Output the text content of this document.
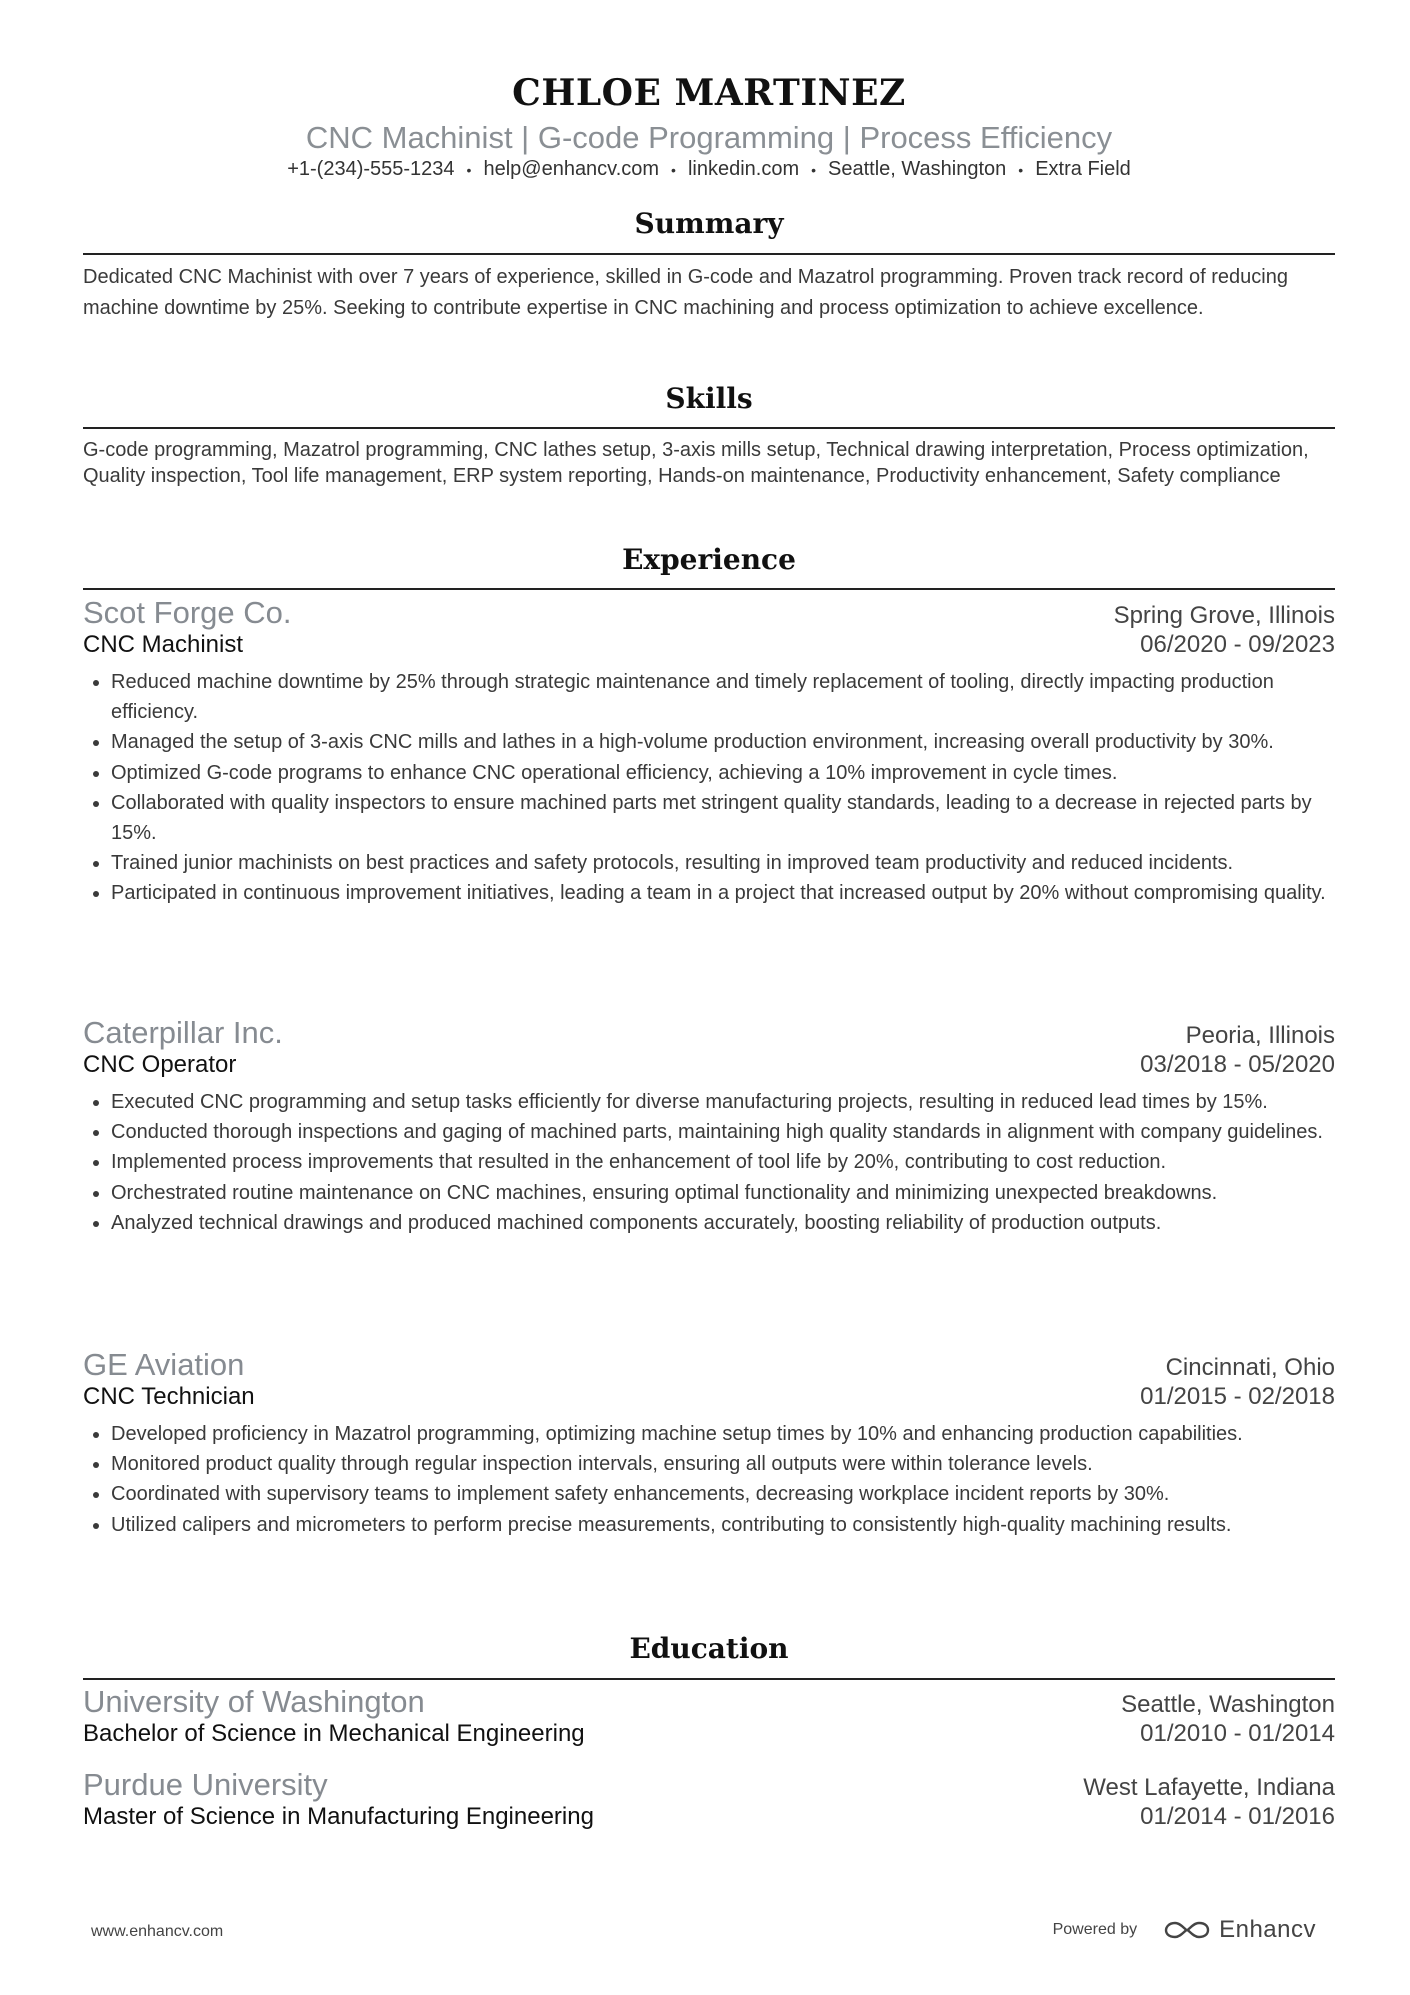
CHLOE MARTINEZ
CNC Machinist | G-code Programming | Process Efficiency
+1-(234)-555-1234 • help@enhancv.com • linkedin.com • Seattle, Washington • Extra Field
Summary

Dedicated CNC Machinist with over 7 years of experience, skilled in G-code and Mazatrol programming. Proven track record of reducing machine downtime by 25%. Seeking to contribute expertise in CNC machining and process optimization to achieve excellence.

Skills

G-code programming, Mazatrol programming, CNC lathes setup, 3-axis mills setup, Technical drawing interpretation, Process optimization, Quality inspection, Tool life management, ERP system reporting, Hands-on maintenance, Productivity enhancement, Safety compliance

Experience
Scot Forge Co.	Spring Grove, Illinois
CNC Machinist	06/2020 - 09/2023
Reduced machine downtime by 25% through strategic maintenance and timely replacement of tooling, directly impacting production efficiency.
Managed the setup of 3-axis CNC mills and lathes in a high-volume production environment, increasing overall productivity by 30%.
Optimized G-code programs to enhance CNC operational efficiency, achieving a 10% improvement in cycle times.
Collaborated with quality inspectors to ensure machined parts met stringent quality standards, leading to a decrease in rejected parts by 15%.
Trained junior machinists on best practices and safety protocols, resulting in improved team productivity and reduced incidents.
Participated in continuous improvement initiatives, leading a team in a project that increased output by 20% without compromising quality.
Caterpillar Inc.	Peoria, Illinois
CNC Operator	03/2018 - 05/2020
Executed CNC programming and setup tasks efficiently for diverse manufacturing projects, resulting in reduced lead times by 15%.
Conducted thorough inspections and gaging of machined parts, maintaining high quality standards in alignment with company guidelines.
Implemented process improvements that resulted in the enhancement of tool life by 20%, contributing to cost reduction.
Orchestrated routine maintenance on CNC machines, ensuring optimal functionality and minimizing unexpected breakdowns.
Analyzed technical drawings and produced machined components accurately, boosting reliability of production outputs.
GE Aviation	Cincinnati, Ohio
CNC Technician	01/2015 - 02/2018
Developed proficiency in Mazatrol programming, optimizing machine setup times by 10% and enhancing production capabilities.
Monitored product quality through regular inspection intervals, ensuring all outputs were within tolerance levels.
Coordinated with supervisory teams to implement safety enhancements, decreasing workplace incident reports by 30%.
Utilized calipers and micrometers to perform precise measurements, contributing to consistently high-quality machining results.
Education
University of Washington	Seattle, Washington
Bachelor of Science in Mechanical Engineering	01/2010 - 01/2014
Purdue University	West Lafayette, Indiana
Master of Science in Manufacturing Engineering	01/2014 - 01/2016
www.enhancv.com	Powered by	Enhancv
